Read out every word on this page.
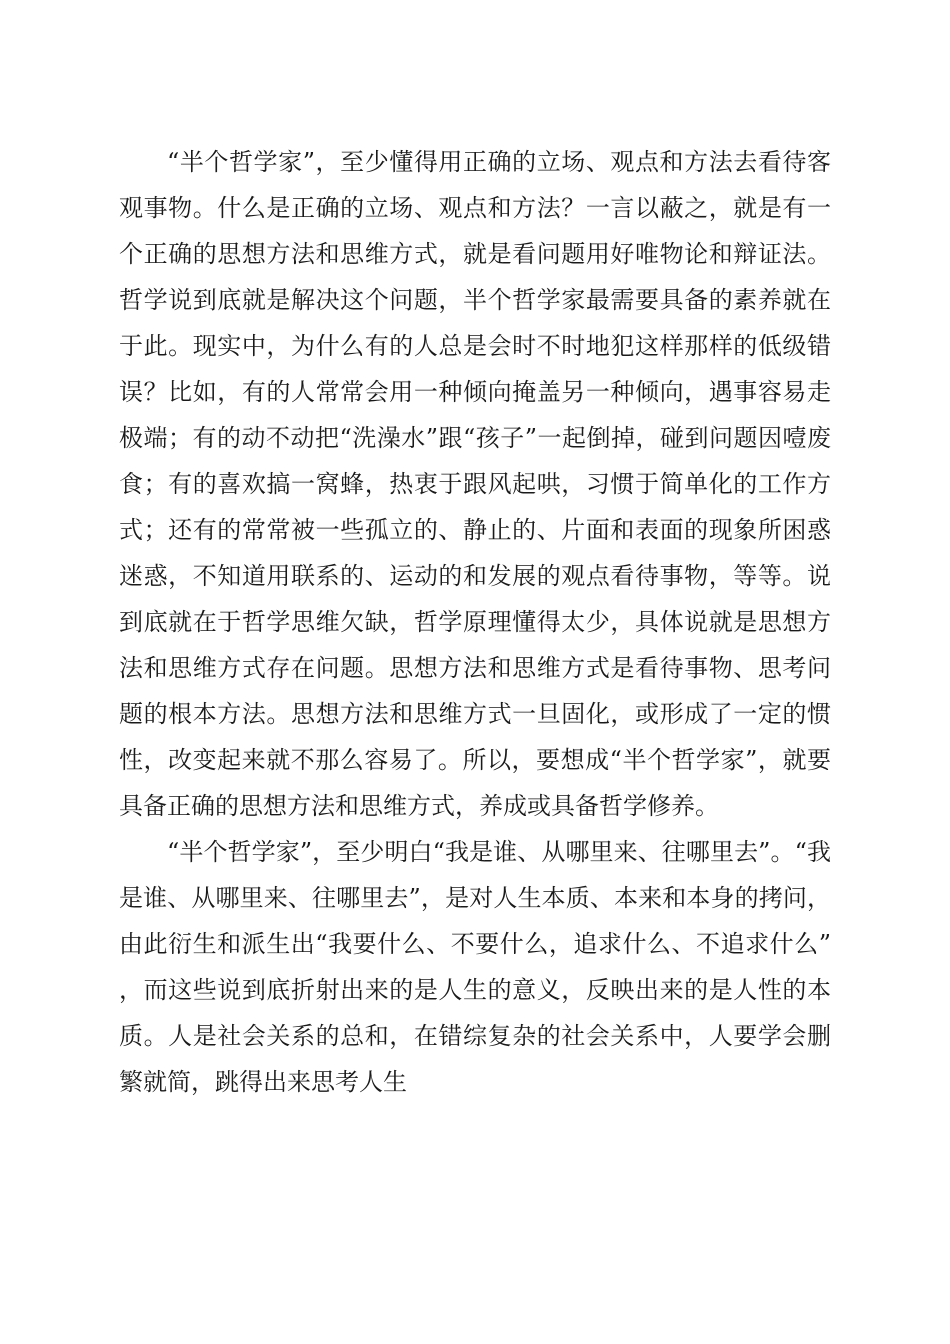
“半个哲学家”，至少懂得用正确的立场、观点和方法去看待客观事物。什么是正确的立场、观点和方法？一言以蔽之，就是有一个正确的思想方法和思维方式，就是看问题用好唯物论和辩证法。哲学说到底就是解决这个问题，半个哲学家最需要具备的素养就在于此。现实中，为什么有的人总是会时不时地犯这样那样的低级错误？比如，有的人常常会用一种倾向掩盖另一种倾向，遇事容易走极端；有的动不动把“洗澡水”跟“孩子”一起倒掉，碰到问题因噎废食；有的喜欢搞一窝蜂，热衷于跟风起哄，习惯于简单化的工作方式；还有的常常被一些孤立的、静止的、片面和表面的现象所困惑迷惑，不知道用联系的、运动的和发展的观点看待事物，等等。说到底就在于哲学思维欠缺，哲学原理懂得太少，具体说就是思想方法和思维方式存在问题。思想方法和思维方式是看待事物、思考问题的根本方法。思想方法和思维方式一旦固化，或形成了一定的惯性，改变起来就不那么容易了。所以，要想成“半个哲学家”，就要具备正确的思想方法和思维方式，养成或具备哲学修养。

“半个哲学家”，至少明白“我是谁、从哪里来、往哪里去”。“我是谁、从哪里来、往哪里去”，是对人生本质、本来和本身的拷问，由此衍生和派生出“我要什么、不要什么，追求什么、不追求什么”，而这些说到底折射出来的是人生的意义，反映出来的是人性的本质。人是社会关系的总和，在错综复杂的社会关系中，人要学会删繁就简，跳得出来思考人生
